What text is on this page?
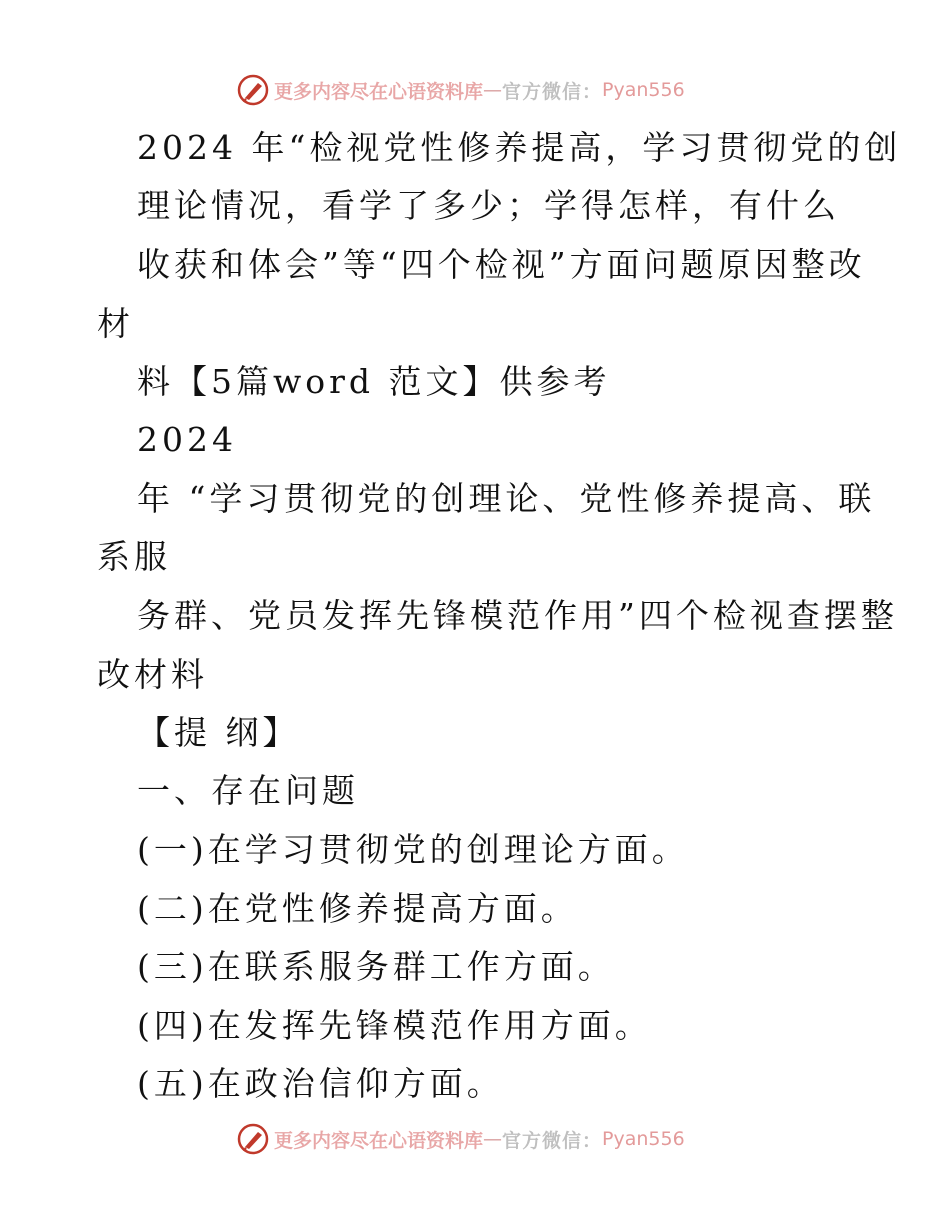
更多内容尽在心语资料库 — 官方微信： Pyan556
2024 年“检视党性修养提高，学习贯彻党的创
理论情况，看学了多少；学得怎样，有什么
收获和体会”等“四个检视”方面问题原因整改
材
料【5篇word 范文】供参考
2024
年 “学习贯彻党的创理论、党性修养提高、联
系服
务群、党员发挥先锋模范作用”四个检视查摆整
改材料
【提 纲】
一、存在问题
(一)在学习贯彻党的创理论方面。
(二)在党性修养提高方面。
(三)在联系服务群工作方面。
(四)在发挥先锋模范作用方面。
(五)在政治信仰方面。
更多内容尽在心语资料库 — 官方微信： Pyan556
